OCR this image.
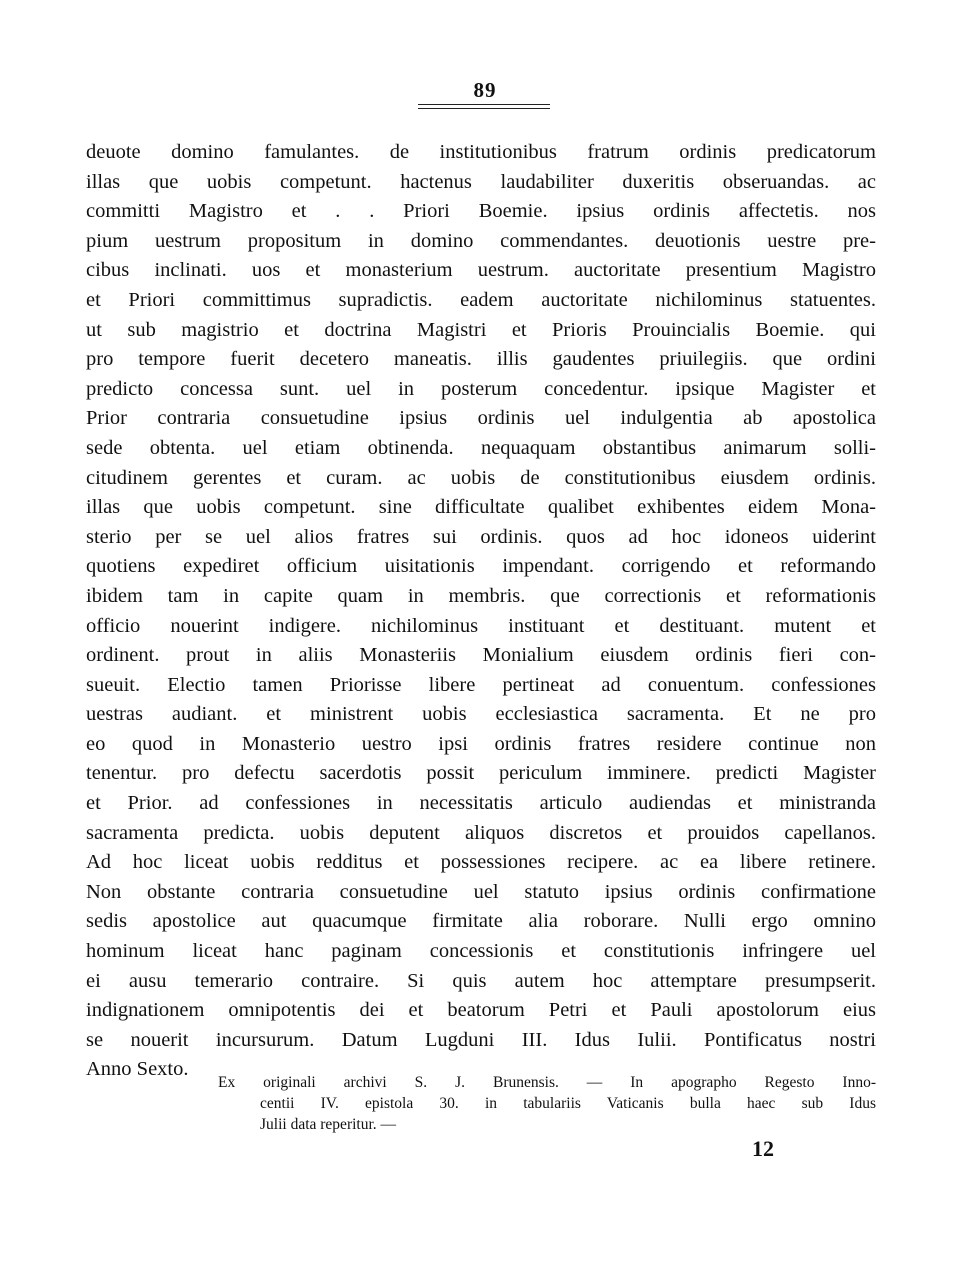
89
deuote domino famulantes. de institutionibus fratrum ordinis predicatorum
illas que uobis competunt. hactenus laudabiliter duxeritis obseruandas. ac
committi Magistro et . . Priori Boemie. ipsius ordinis affectetis. nos
pium uestrum propositum in domino commendantes. deuotionis uestre pre-
cibus inclinati. uos et monasterium uestrum. auctoritate presentium Magistro
et Priori committimus supradictis. eadem auctoritate nichilominus statuentes.
ut sub magistrio et doctrina Magistri et Prioris Prouincialis Boemie. qui
pro tempore fuerit decetero maneatis. illis gaudentes priuilegiis. que ordini
predicto concessa sunt. uel in posterum concedentur. ipsique Magister et
Prior contraria consuetudine ipsius ordinis uel indulgentia ab apostolica
sede obtenta. uel etiam obtinenda. nequaquam obstantibus animarum solli-
citudinem gerentes et curam. ac uobis de constitutionibus eiusdem ordinis.
illas que uobis competunt. sine difficultate qualibet exhibentes eidem Mona-
sterio per se uel alios fratres sui ordinis. quos ad hoc idoneos uiderint
quotiens expediret officium uisitationis impendant. corrigendo et reformando
ibidem tam in capite quam in membris. que correctionis et reformationis
officio nouerint indigere. nichilominus instituant et destituant. mutent et
ordinent. prout in aliis Monasteriis Monialium eiusdem ordinis fieri con-
sueuit. Electio tamen Priorisse libere pertineat ad conuentum. confessiones
uestras audiant. et ministrent uobis ecclesiastica sacramenta. Et ne pro
eo quod in Monasterio uestro ipsi ordinis fratres residere continue non
tenentur. pro defectu sacerdotis possit periculum imminere. predicti Magister
et Prior. ad confessiones in necessitatis articulo audiendas et ministranda
sacramenta predicta. uobis deputent aliquos discretos et prouidos capellanos.
Ad hoc liceat uobis redditus et possessiones recipere. ac ea libere retinere.
Non obstante contraria consuetudine uel statuto ipsius ordinis confirmatione
sedis apostolice aut quacumque firmitate alia roborare. Nulli ergo omnino
hominum liceat hanc paginam concessionis et constitutionis infringere uel
ei ausu temerario contraire. Si quis autem hoc attemptare presumpserit.
indignationem omnipotentis dei et beatorum Petri et Pauli apostolorum eius
se nouerit incursurum. Datum Lugduni III. Idus Iulii. Pontificatus nostri
Anno Sexto.
Ex originali archivi S. J. Brunensis. — In apographo Regesto Inno-
centii IV. epistola 30. in tabulariis Vaticanis bulla haec sub Idus
Julii data reperitur. —
12
